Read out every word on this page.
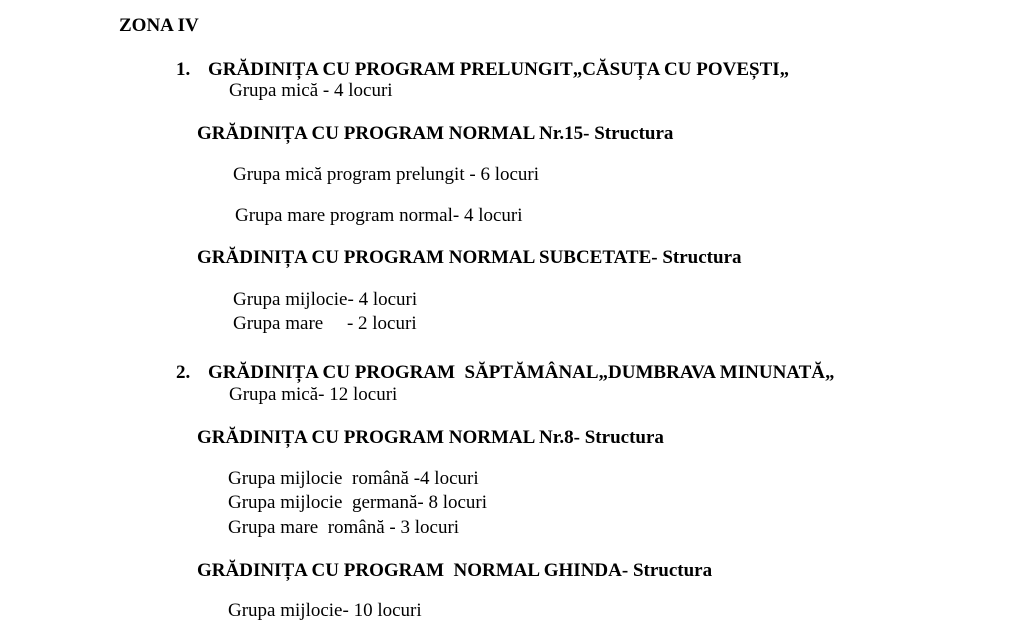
ZONA IV
1. GRĂDINIȚA CU PROGRAM PRELUNGIT„CĂSUȚA CU POVEȘTI„
Grupa mică - 4 locuri
GRĂDINIȚA CU PROGRAM NORMAL Nr.15- Structura
Grupa mică program prelungit - 6 locuri
Grupa mare program normal- 4 locuri
GRĂDINIȚA CU PROGRAM NORMAL SUBCETATE- Structura
Grupa mijlocie- 4 locuri
Grupa mare     - 2 locuri
2. GRĂDINIȚA CU PROGRAM  SĂPTĂMÂNAL„DUMBRAVA MINUNATĂ„
Grupa mică- 12 locuri
GRĂDINIȚA CU PROGRAM NORMAL Nr.8- Structura
Grupa mijlocie  română -4 locuri
Grupa mijlocie  germană- 8 locuri
Grupa mare  română - 3 locuri
GRĂDINIȚA CU PROGRAM  NORMAL GHINDA- Structura
Grupa mijlocie- 10 locuri
